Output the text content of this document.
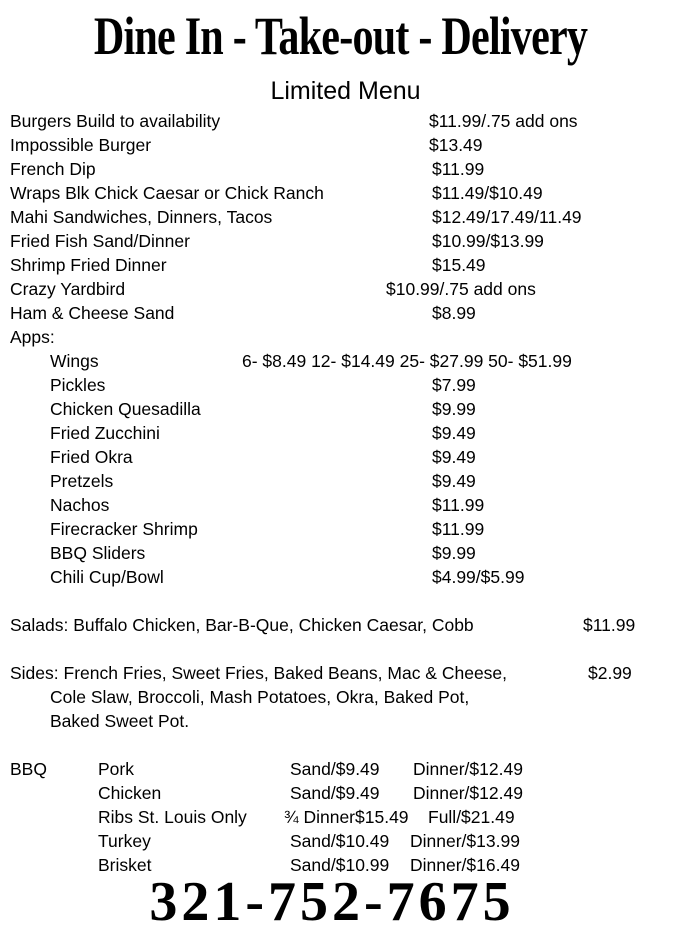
Dine In - Take-out - Delivery
Limited Menu
Burgers Build to availability	$11.99/.75 add ons
Impossible Burger	$13.49
French Dip	$11.99
Wraps Blk Chick Caesar or Chick Ranch	$11.49/$10.49
Mahi Sandwiches, Dinners, Tacos	$12.49/17.49/11.49
Fried Fish Sand/Dinner	$10.99/$13.99
Shrimp Fried Dinner	$15.49
Crazy Yardbird	$10.99/.75 add ons
Ham & Cheese Sand	$8.99
Apps:
Wings	6- $8.49 12- $14.49 25- $27.99 50- $51.99
Pickles	$7.99
Chicken Quesadilla	$9.99
Fried Zucchini	$9.49
Fried Okra	$9.49
Pretzels	$9.49
Nachos	$11.99
Firecracker Shrimp	$11.99
BBQ Sliders	$9.99
Chili Cup/Bowl	$4.99/$5.99
Salads: Buffalo Chicken, Bar-B-Que, Chicken Caesar, Cobb	$11.99
Sides: French Fries, Sweet Fries, Baked Beans, Mac & Cheese,	$2.99
Cole Slaw, Broccoli, Mash Potatoes, Okra, Baked Pot,
Baked Sweet Pot.
BBQ	Pork	Sand/$9.49 Dinner/$12.49
Chicken	Sand/$9.49 Dinner/$12.49
Ribs St. Louis Only ¾ Dinner$15.49 Full/$21.49
Turkey	Sand/$10.49 Dinner/$13.99
Brisket	Sand/$10.99 Dinner/$16.49
321-752-7675
